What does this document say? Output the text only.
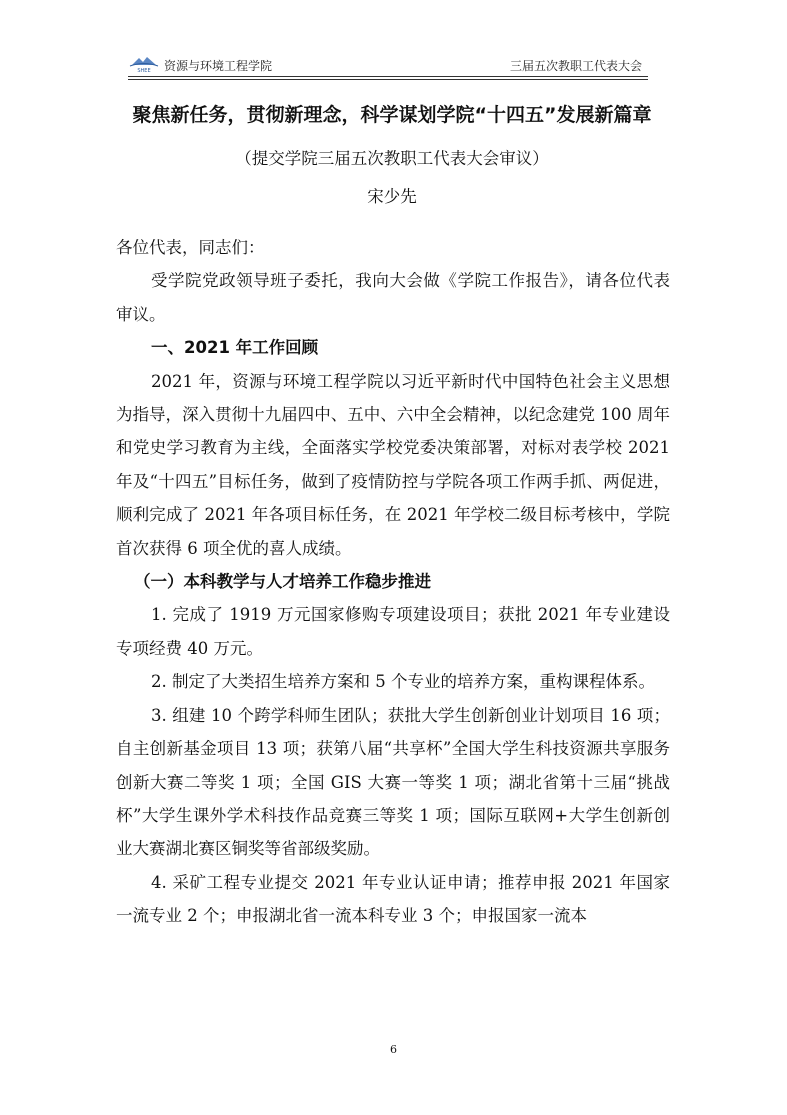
SHEE 资源与环境工程学院	三届五次教职工代表大会
聚焦新任务，贯彻新理念，科学谋划学院“十四五”发展新篇章
（提交学院三届五次教职工代表大会审议）
宋少先

各位代表，同志们：

受学院党政领导班子委托，我向大会做《学院工作报告》，请各位代表审议。

一、2021 年工作回顾

2021 年，资源与环境工程学院以习近平新时代中国特色社会主义思想为指导，深入贯彻十九届四中、五中、六中全会精神，以纪念建党 100 周年和党史学习教育为主线，全面落实学校党委决策部署，对标对表学校 2021 年及“十四五”目标任务，做到了疫情防控与学院各项工作两手抓、两促进，顺利完成了 2021 年各项目标任务，在 2021 年学校二级目标考核中，学院首次获得 6 项全优的喜人成绩。

（一）本科教学与人才培养工作稳步推进

1. 完成了 1919 万元国家修购专项建设项目；获批 2021 年专业建设专项经费 40 万元。

2. 制定了大类招生培养方案和 5 个专业的培养方案，重构课程体系。

3. 组建 10 个跨学科师生团队；获批大学生创新创业计划项目 16 项；自主创新基金项目 13 项；获第八届“共享杯”全国大学生科技资源共享服务创新大赛二等奖 1 项；全国 GIS 大赛一等奖 1 项；湖北省第十三届“挑战杯”大学生课外学术科技作品竞赛三等奖 1 项；国际互联网+大学生创新创业大赛湖北赛区铜奖等省部级奖励。

4. 采矿工程专业提交 2021 年专业认证申请；推荐申报 2021 年国家一流专业 2 个；申报湖北省一流本科专业 3 个；申报国家一流本

6
